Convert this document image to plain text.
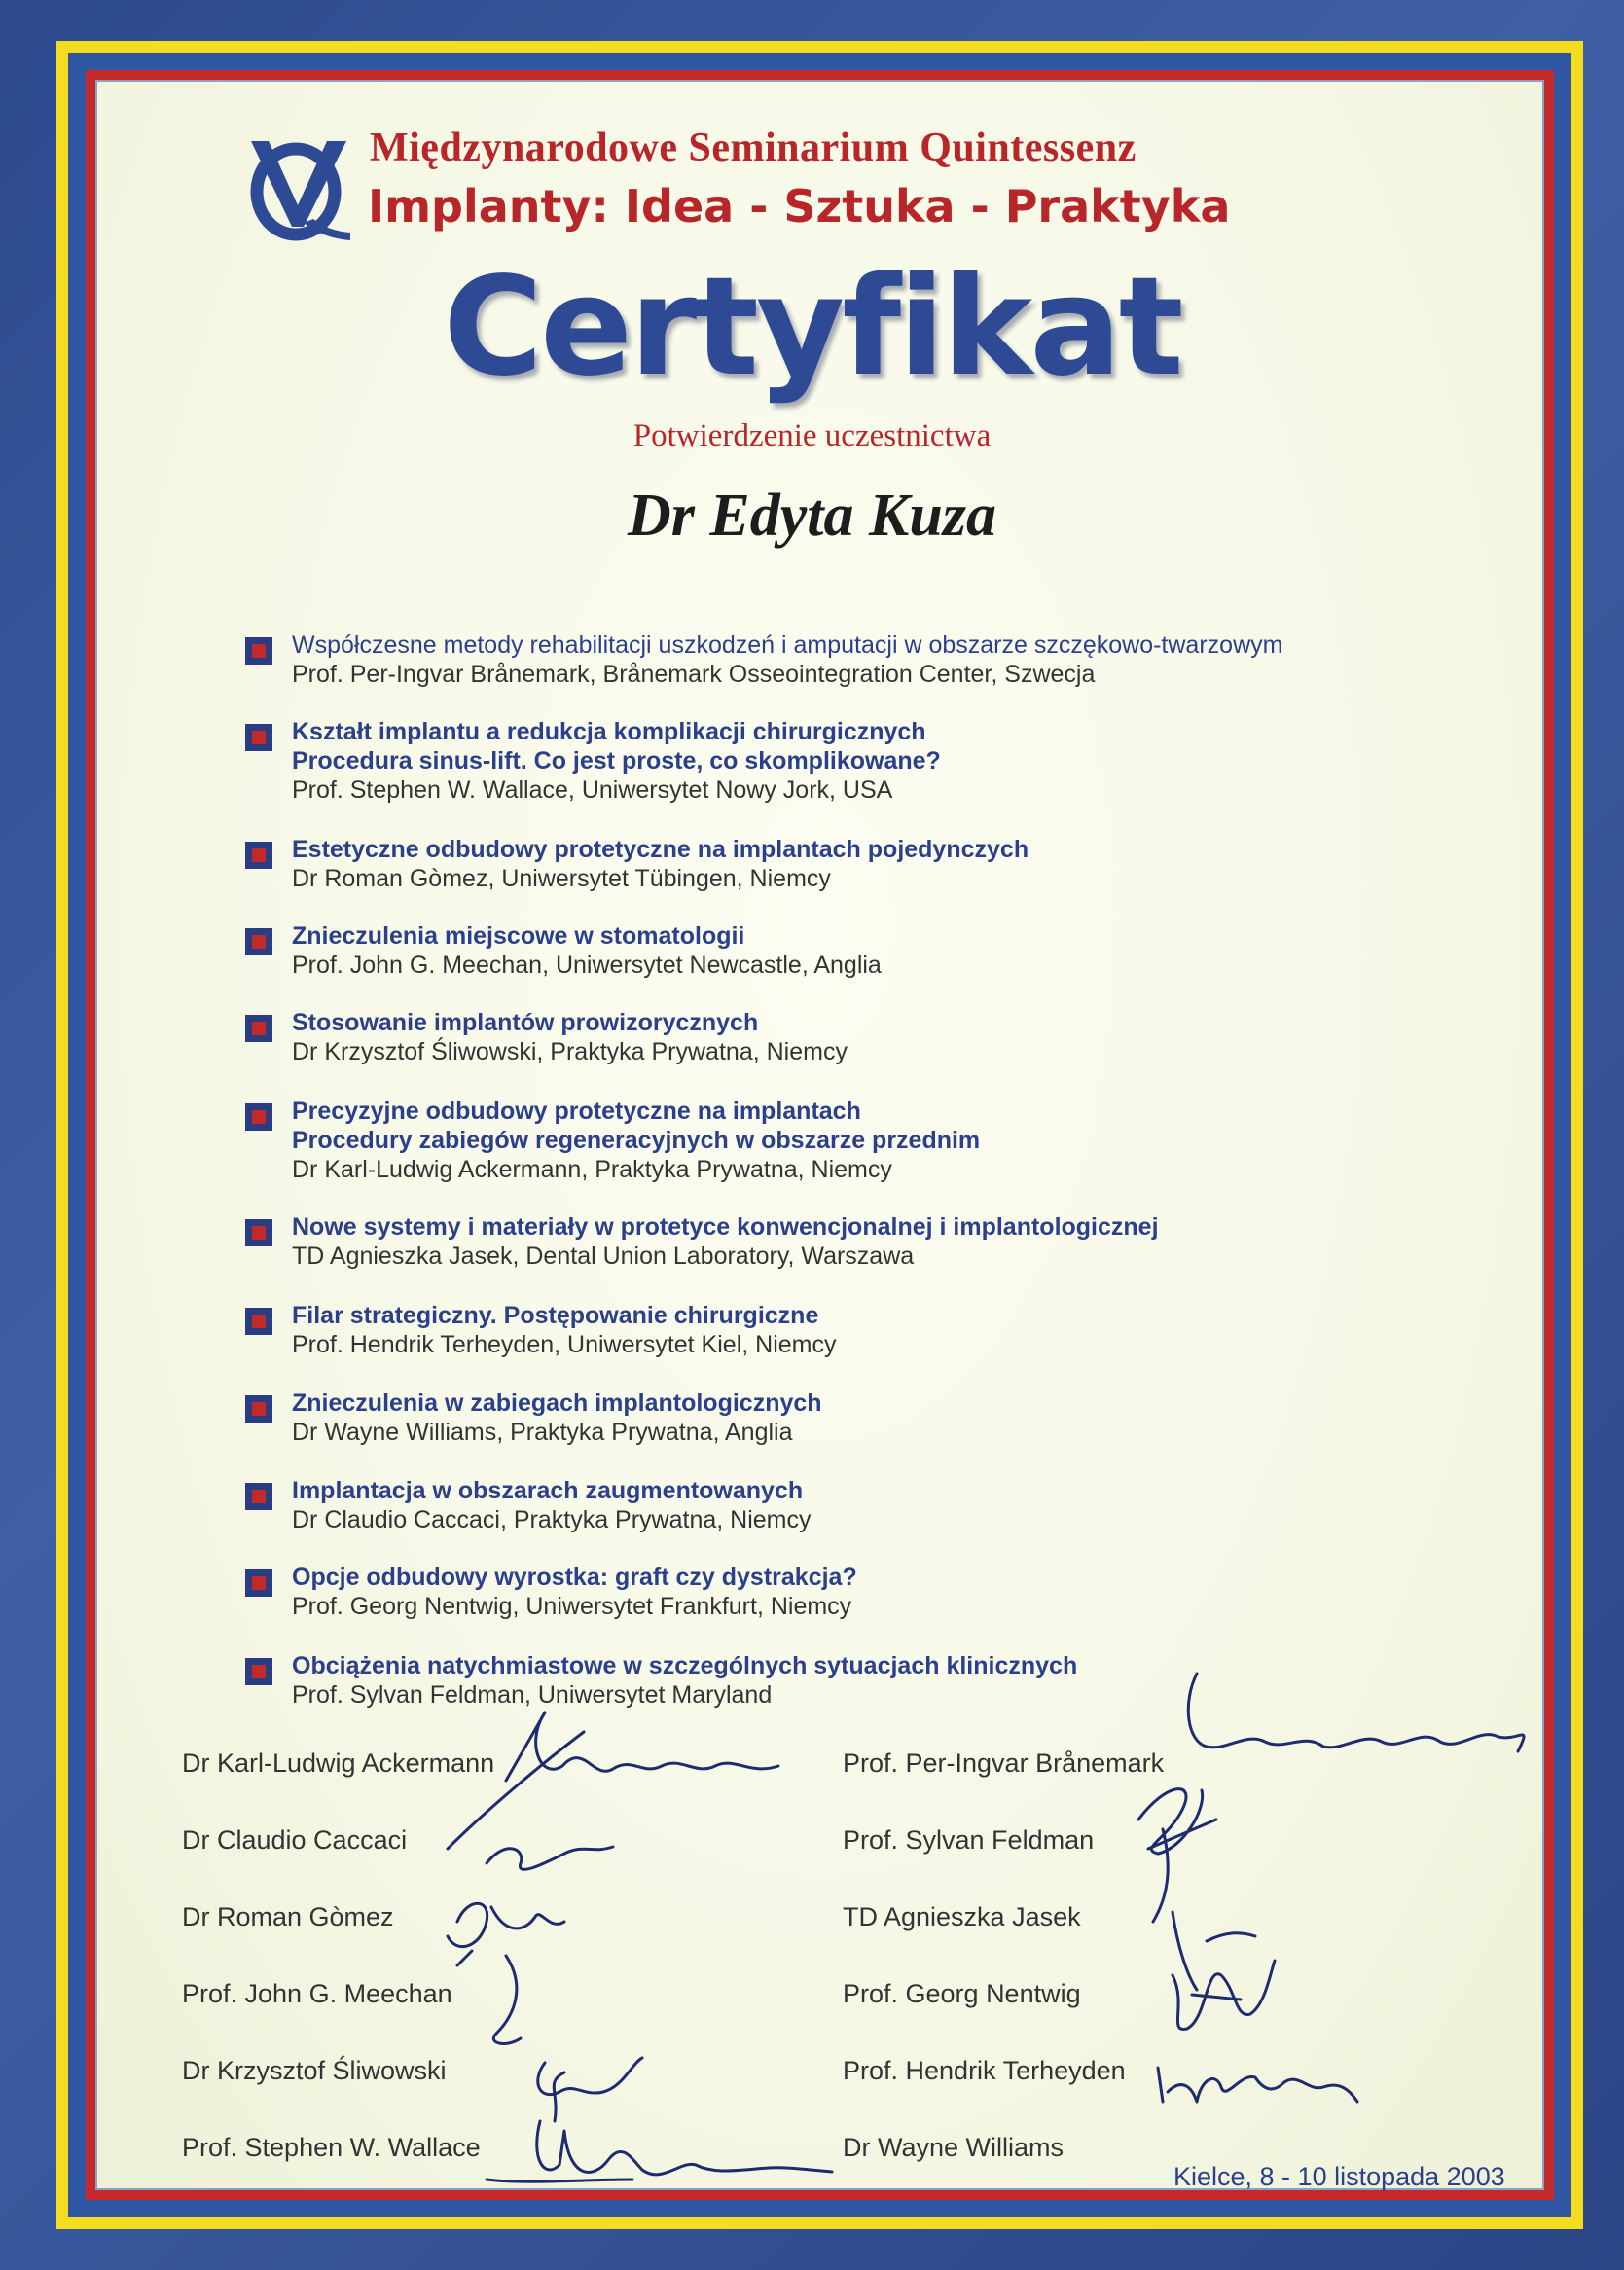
Międzynarodowe Seminarium Quintessenz
Implanty: Idea - Sztuka - Praktyka
Certyfikat
Potwierdzenie uczestnictwa
Dr Edyta Kuza
Współczesne metody rehabilitacji uszkodzeń i amputacji w obszarze szczękowo-twarzowym
Prof. Per-Ingvar Brånemark, Brånemark Osseointegration Center, Szwecja
Kształt implantu a redukcja komplikacji chirurgicznych
Procedura sinus-lift. Co jest proste, co skomplikowane?
Prof. Stephen W. Wallace, Uniwersytet Nowy Jork, USA
Estetyczne odbudowy protetyczne na implantach pojedynczych
Dr Roman Gòmez, Uniwersytet Tübingen, Niemcy
Znieczulenia miejscowe w stomatologii
Prof. John G. Meechan, Uniwersytet Newcastle, Anglia
Stosowanie implantów prowizorycznych
Dr Krzysztof Śliwowski, Praktyka Prywatna, Niemcy
Precyzyjne odbudowy protetyczne na implantach
Procedury zabiegów regeneracyjnych w obszarze przednim
Dr Karl-Ludwig Ackermann, Praktyka Prywatna, Niemcy
Nowe systemy i materiały w protetyce konwencjonalnej i implantologicznej
TD Agnieszka Jasek, Dental Union Laboratory, Warszawa
Filar strategiczny. Postępowanie chirurgiczne
Prof. Hendrik Terheyden, Uniwersytet Kiel, Niemcy
Znieczulenia w zabiegach implantologicznych
Dr Wayne Williams, Praktyka Prywatna, Anglia
Implantacja w obszarach zaugmentowanych
Dr Claudio Caccaci, Praktyka Prywatna, Niemcy
Opcje odbudowy wyrostka: graft czy dystrakcja?
Prof. Georg Nentwig, Uniwersytet Frankfurt, Niemcy
Obciążenia natychmiastowe w szczególnych sytuacjach klinicznych
Prof. Sylvan Feldman, Uniwersytet Maryland
Dr Karl-Ludwig Ackermann
Dr Claudio Caccaci
Dr Roman Gòmez
Prof. John G. Meechan
Dr Krzysztof Śliwowski
Prof. Stephen W. Wallace
Prof. Per-Ingvar Brånemark
Prof. Sylvan Feldman
TD Agnieszka Jasek
Prof. Georg Nentwig
Prof. Hendrik Terheyden
Dr Wayne Williams
Kielce, 8 - 10 listopada 2003
